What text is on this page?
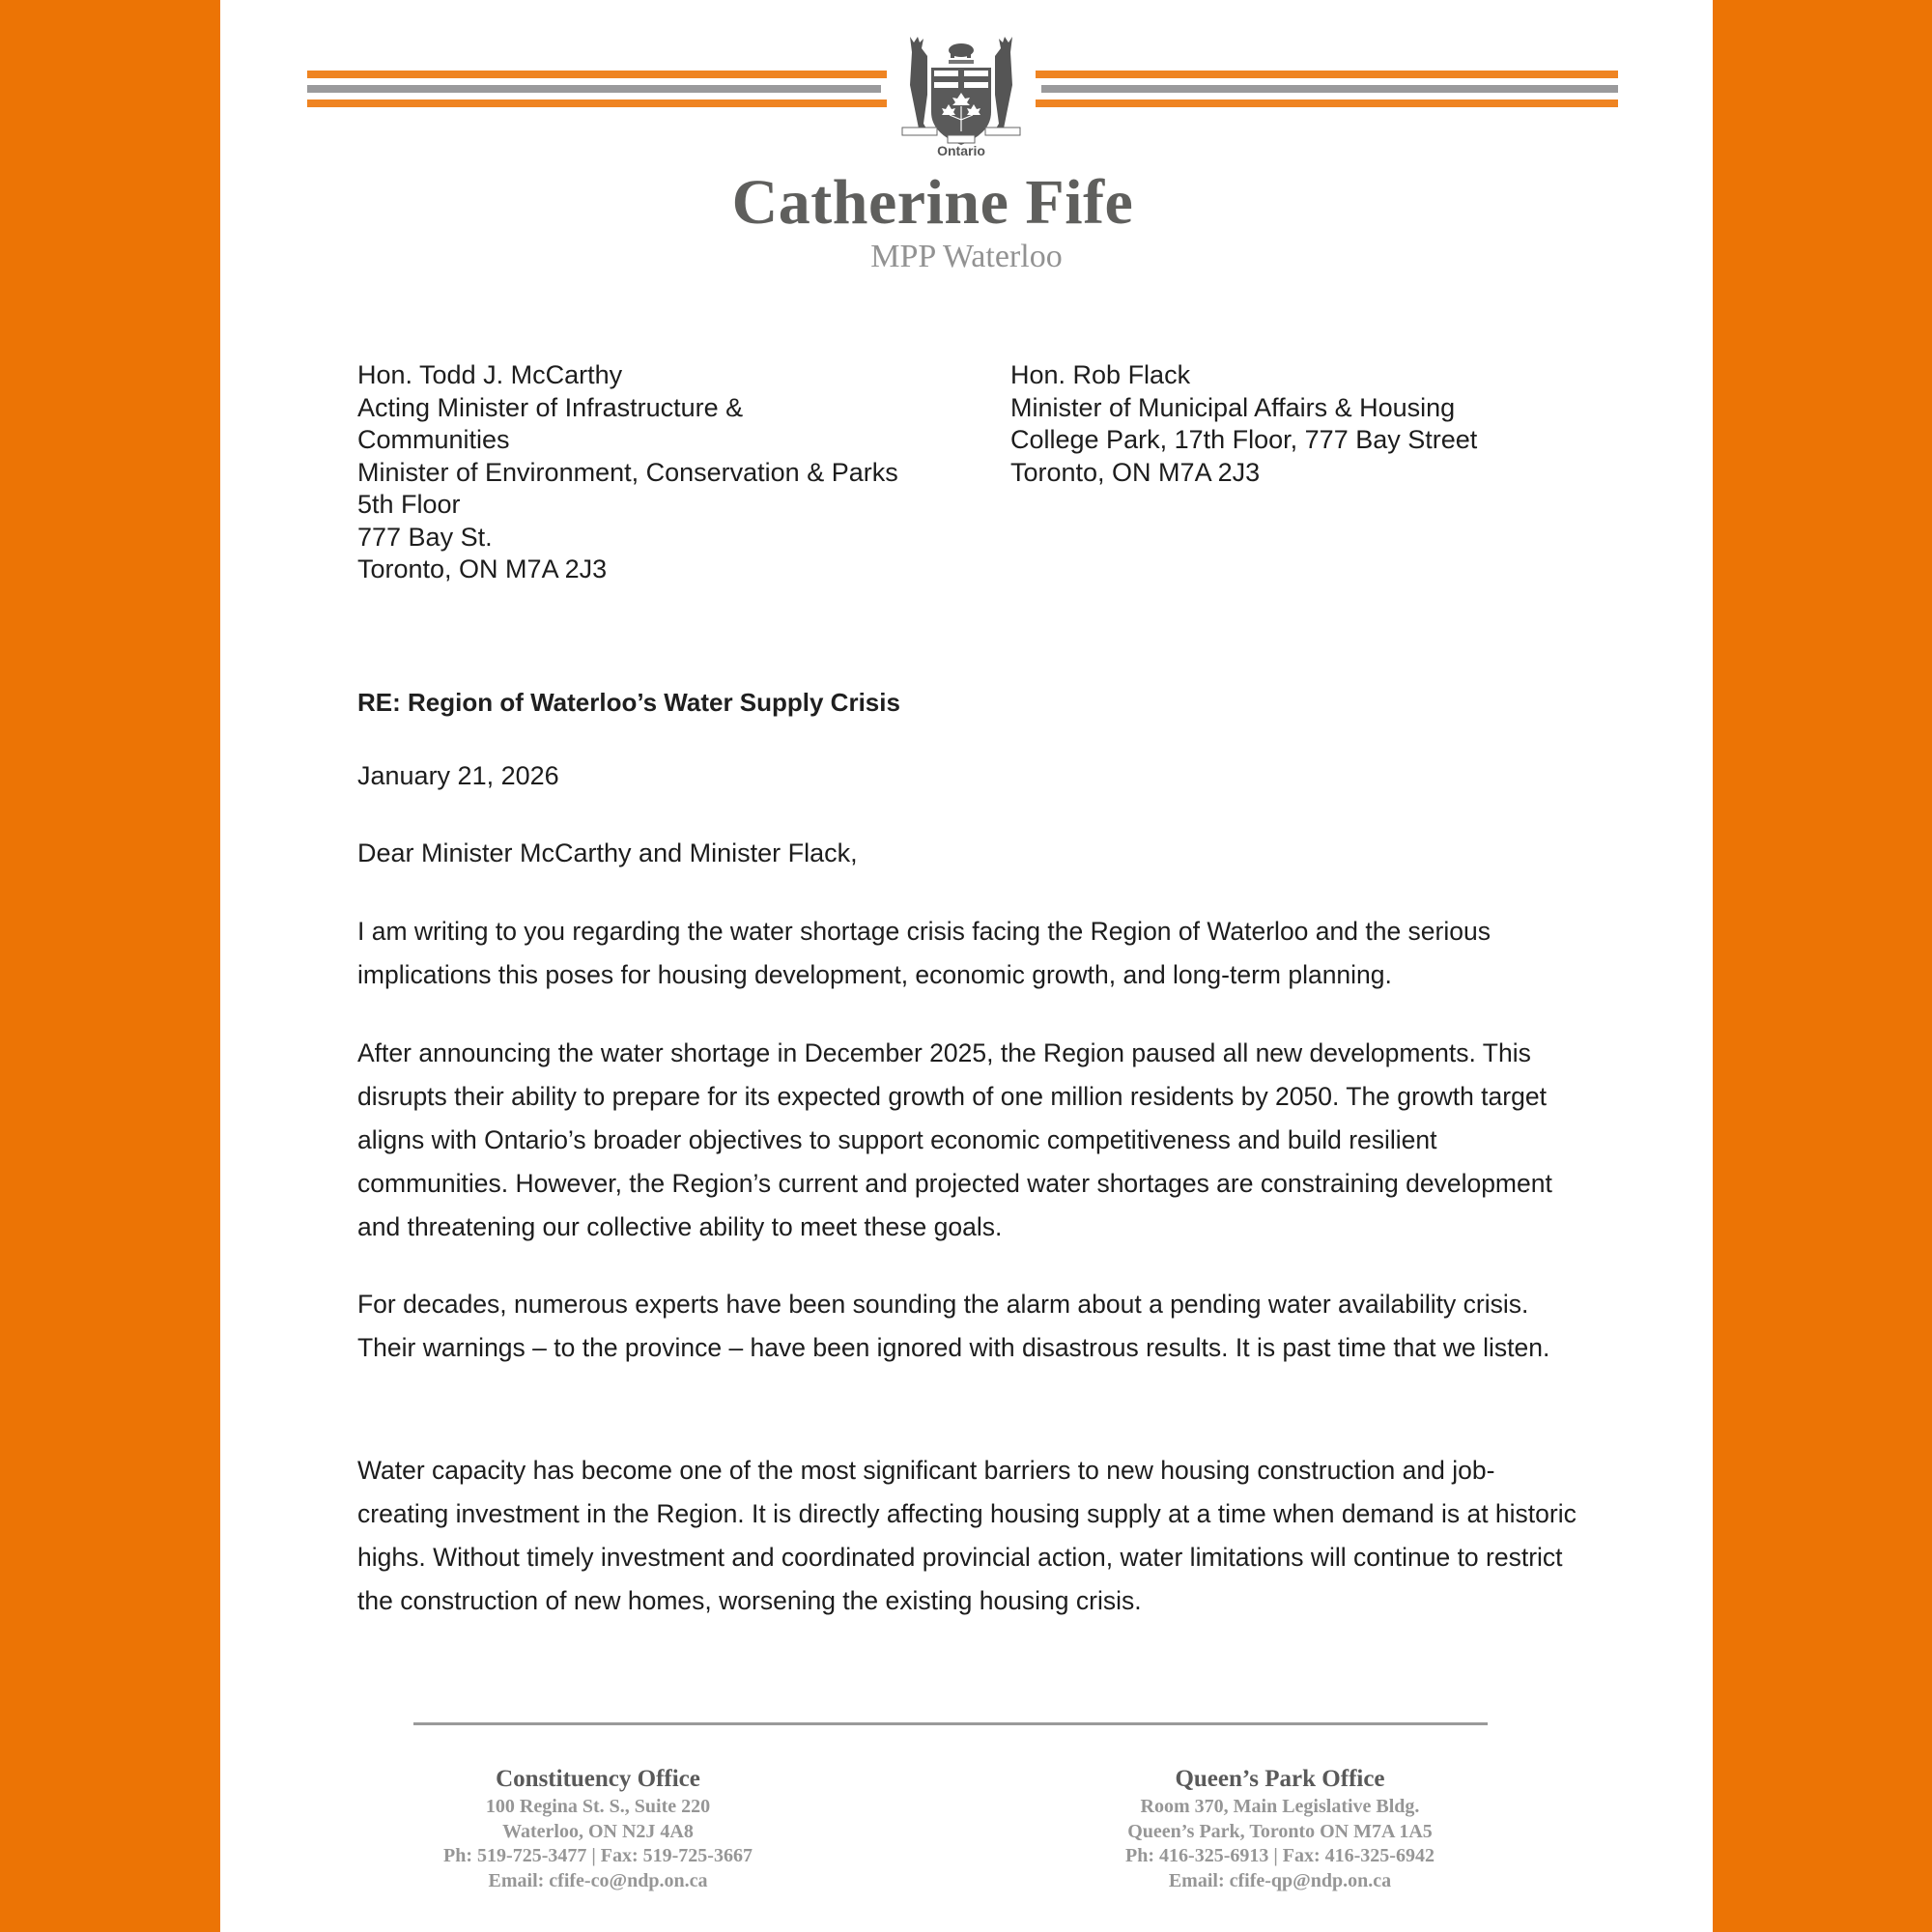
Ontario
Catherine Fife
MPP Waterloo
Hon. Todd J. McCarthy
Acting Minister of Infrastructure &
Communities
Minister of Environment, Conservation & Parks
5th Floor
777 Bay St.
Toronto, ON M7A 2J3
Hon. Rob Flack
Minister of Municipal Affairs & Housing
College Park, 17th Floor, 777 Bay Street
Toronto, ON M7A 2J3
RE: Region of Waterloo’s Water Supply Crisis
January 21, 2026
Dear Minister McCarthy and Minister Flack,

I am writing to you regarding the water shortage crisis facing the Region of Waterloo and the serious implications this poses for housing development, economic growth, and long-term planning.

After announcing the water shortage in December 2025, the Region paused all new developments. This disrupts their ability to prepare for its expected growth of one million residents by 2050. The growth target aligns with Ontario’s broader objectives to support economic competitiveness and build resilient communities. However, the Region’s current and projected water shortages are constraining development and threatening our collective ability to meet these goals.

For decades, numerous experts have been sounding the alarm about a pending water availability crisis. Their warnings – to the province – have been ignored with disastrous results. It is past time that we listen.

Water capacity has become one of the most significant barriers to new housing construction and job-creating investment in the Region. It is directly affecting housing supply at a time when demand is at historic highs. Without timely investment and coordinated provincial action, water limitations will continue to restrict the construction of new homes, worsening the existing housing crisis.

Constituency Office
100 Regina St. S., Suite 220
Waterloo, ON N2J 4A8
Ph: 519-725-3477 | Fax: 519-725-3667
Email: cfife-co@ndp.on.ca
Queen’s Park Office
Room 370, Main Legislative Bldg.
Queen’s Park, Toronto ON M7A 1A5
Ph: 416-325-6913 | Fax: 416-325-6942
Email: cfife-qp@ndp.on.ca
